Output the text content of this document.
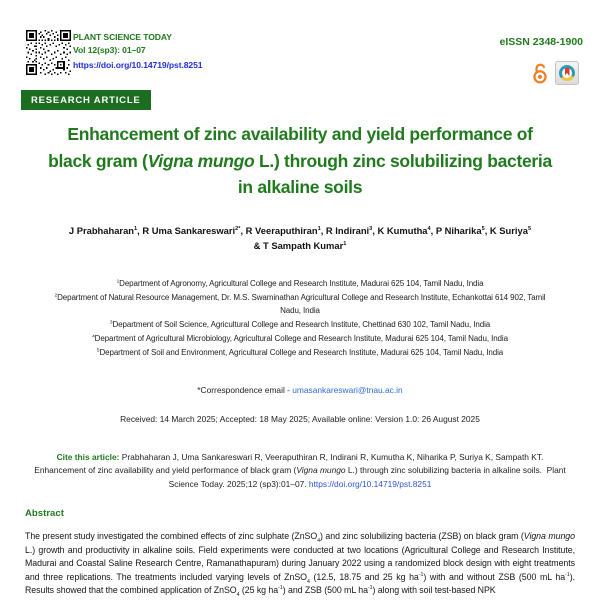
PLANT SCIENCE TODAY
Vol 12(sp3): 01–07
https://doi.org/10.14719/pst.8251
eISSN 2348-1900
RESEARCH ARTICLE
Enhancement of zinc availability and yield performance of
black gram (Vigna mungo L.) through zinc solubilizing bacteria
in alkaline soils
J Prabhaharan$^1$, R Uma Sankareswari$^{2*}$, R Veeraputhiran$^1$, R Indirani$^3$, K Kumutha$^4$, P Niharika$^5$, K Suriya$^5$
& T Sampath Kumar$^1$
$^1$Department of Agronomy, Agricultural College and Research Institute, Madurai 625 104, Tamil Nadu, India
$^2$Department of Natural Resource Management, Dr. M.S. Swaminathan Agricultural College and Research Institute, Echankottai 614 902, Tamil Nadu, India
$^3$Department of Soil Science, Agricultural College and Research Institute, Chettinad 630 102, Tamil Nadu, India
$^4$Department of Agricultural Microbiology, Agricultural College and Research Institute, Madurai 625 104, Tamil Nadu, India
$^5$Department of Soil and Environment, Agricultural College and Research Institute, Madurai 625 104, Tamil Nadu, India
*Correspondence email - umasankareswari@tnau.ac.in
Received: 14 March 2025; Accepted: 18 May 2025; Available online: Version 1.0: 26 August 2025
Cite this article: Prabhaharan J, Uma Sankareswari R, Veeraputhiran R, Indirani R, Kumutha K, Niharika P, Suriya K, Sampath KT. Enhancement of zinc availability and yield performance of black gram (Vigna mungo L.) through zinc solubilizing bacteria in alkaline soils.  Plant Science Today. 2025;12 (sp3):01–07. https://doi.org/10.14719/pst.8251
Abstract
The present study investigated the combined effects of zinc sulphate (ZnSO$_4$) and zinc solubilizing bacteria (ZSB) on black gram (Vigna mungo L.) growth and productivity in alkaline soils. Field experiments were conducted at two locations (Agricultural College and Research Institute, Madurai and Coastal Saline Research Centre, Ramanathapuram) during January 2022 using a randomized block design with eight treatments and three replications. The treatments included varying levels of ZnSO$_4$ (12.5, 18.75 and 25 kg $ha^{-1}$) with and without ZSB (500 mL $ha^{-1}$). Results showed that the combined application of ZnSO$_4$ (25 kg $ha^{-1}$) and ZSB (500 mL $ha^{-1}$) along with soil test-based NPK
